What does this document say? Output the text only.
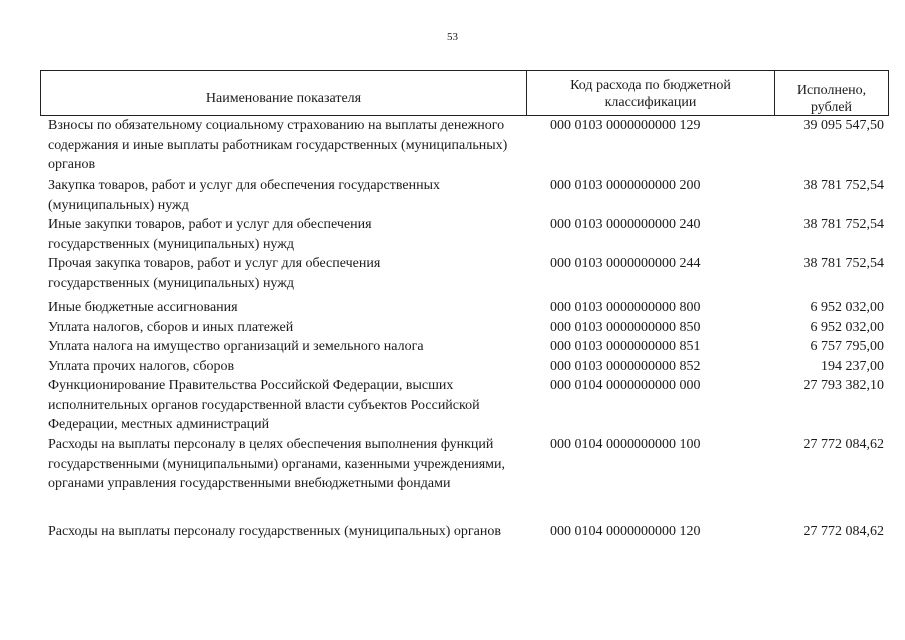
53
Наименование показателя
Код расхода по бюджетной классификации
Исполнено, рублей
Взносы по обязательному социальному страхованию на выплаты денежного содержания и иные выплаты работникам государственных (муниципальных) органов
000 0103 0000000000 129	39 095 547,50
Закупка товаров, работ и услуг для обеспечения государственных (муниципальных) нужд
000 0103 0000000000 200	38 781 752,54
Иные закупки товаров, работ и услуг для обеспечения государственных (муниципальных) нужд
000 0103 0000000000 240	38 781 752,54
Прочая закупка товаров, работ и услуг для обеспечения государственных (муниципальных) нужд
000 0103 0000000000 244	38 781 752,54
Иные бюджетные ассигнования	000 0103 0000000000 800	6 952 032,00
Уплата налогов, сборов и иных платежей	000 0103 0000000000 850	6 952 032,00
Уплата налога на имущество организаций и земельного налога	000 0103 0000000000 851	6 757 795,00
Уплата прочих налогов, сборов	000 0103 0000000000 852	194 237,00
Функционирование Правительства Российской Федерации, высших исполнительных органов государственной власти субъектов Российской Федерации, местных администраций
000 0104 0000000000 000	27 793 382,10
Расходы на выплаты персоналу в целях обеспечения выполнения функций государственными (муниципальными) органами, казенными учреждениями, органами управления государственными внебюджетными фондами
000 0104 0000000000 100	27 772 084,62
Расходы на выплаты персоналу государственных (муниципальных) органов	000 0104 0000000000 120	27 772 084,62
